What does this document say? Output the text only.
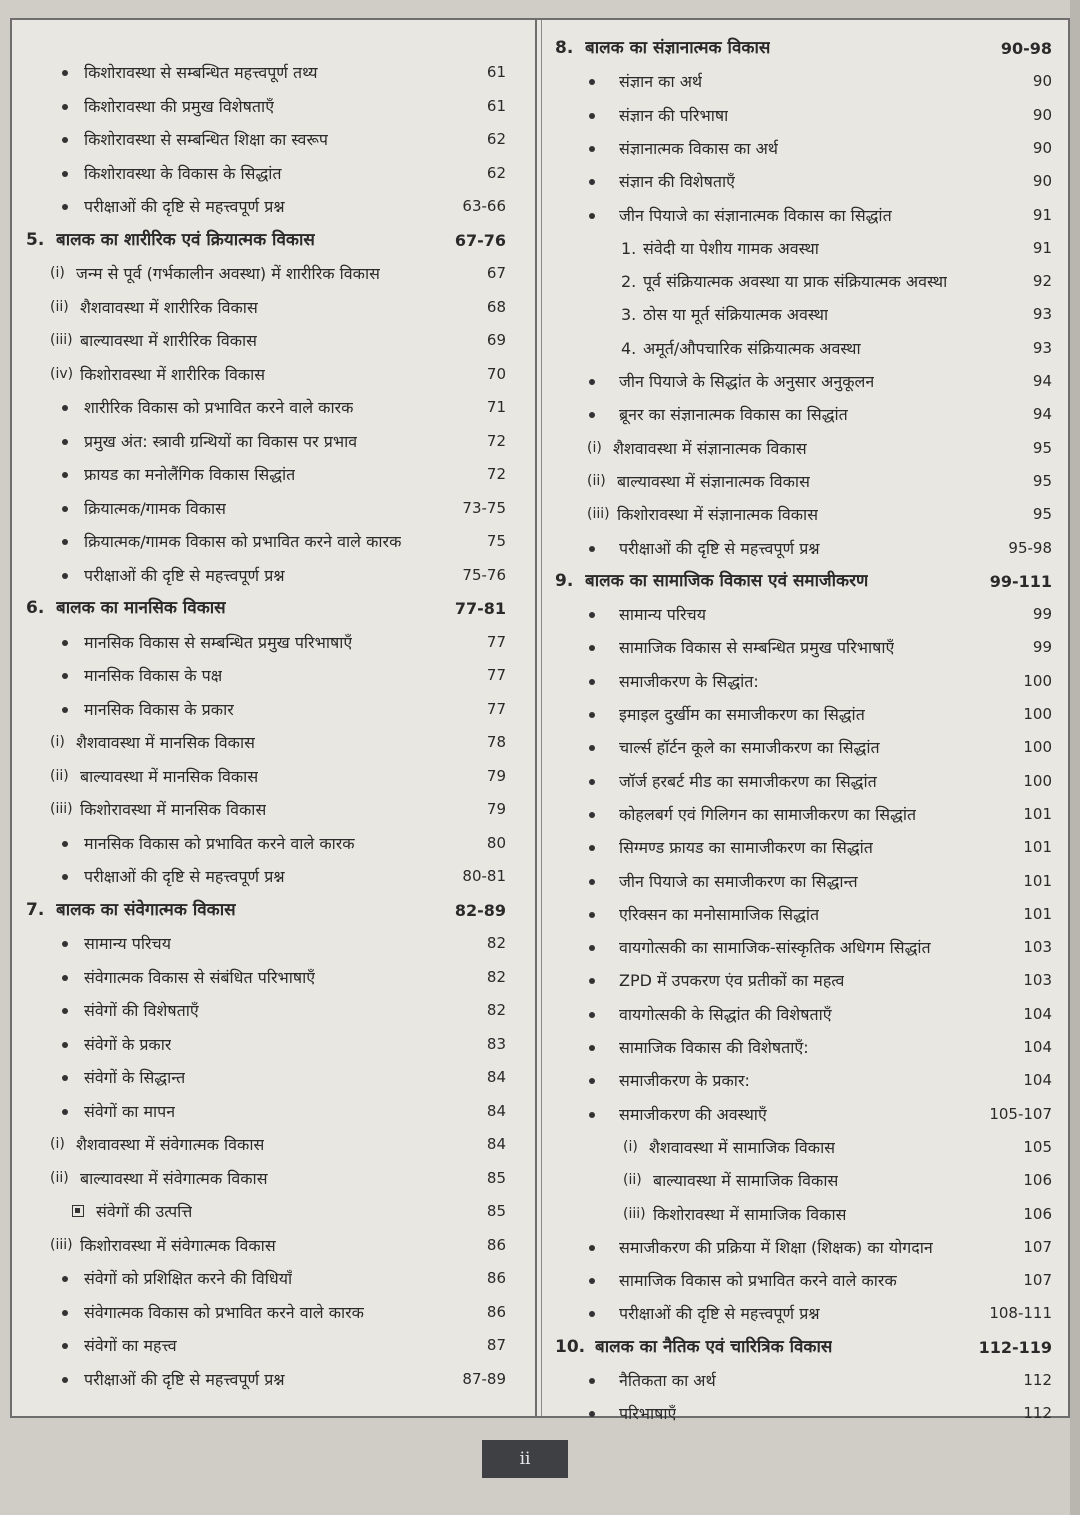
किशोरावस्था से सम्बन्धित महत्त्वपूर्ण तथ्य	61
किशोरावस्था की प्रमुख विशेषताएँ	61
किशोरावस्था से सम्बन्धित शिक्षा का स्वरूप	62
किशोरावस्था के विकास के सिद्धांत	62
परीक्षाओं की दृष्टि से महत्त्वपूर्ण प्रश्न	63-66
5. बालक का शारीरिक एवं क्रियात्मक विकास	67-76
(i) जन्म से पूर्व (गर्भकालीन अवस्था) में शारीरिक विकास	67
(ii) शैशवावस्था में शारीरिक विकास	68
(iii) बाल्यावस्था में शारीरिक विकास	69
(iv) किशोरावस्था में शारीरिक विकास	70
शारीरिक विकास को प्रभावित करने वाले कारक	71
प्रमुख अंत: स्त्रावी ग्रन्थियों का विकास पर प्रभाव	72
फ्रायड का मनोलैंगिक विकास सिद्धांत	72
क्रियात्मक/गामक विकास	73-75
क्रियात्मक/गामक विकास को प्रभावित करने वाले कारक	75
परीक्षाओं की दृष्टि से महत्त्वपूर्ण प्रश्न	75-76
6. बालक का मानसिक विकास	77-81
मानसिक विकास से सम्बन्धित प्रमुख परिभाषाएँ	77
मानसिक विकास के पक्ष	77
मानसिक विकास के प्रकार	77
(i) शैशवावस्था में मानसिक विकास	78
(ii) बाल्यावस्था में मानसिक विकास	79
(iii) किशोरावस्था में मानसिक विकास	79
मानसिक विकास को प्रभावित करने वाले कारक	80
परीक्षाओं की दृष्टि से महत्त्वपूर्ण प्रश्न	80-81
7. बालक का संवेगात्मक विकास	82-89
सामान्य परिचय	82
संवेगात्मक विकास से संबंधित परिभाषाएँ	82
संवेगों की विशेषताएँ	82
संवेगों के प्रकार	83
संवेगों के सिद्धान्त	84
संवेगों का मापन	84
(i) शैशवावस्था में संवेगात्मक विकास	84
(ii) बाल्यावस्था में संवेगात्मक विकास	85
संवेगों की उत्पत्ति	85
(iii) किशोरावस्था में संवेगात्मक विकास	86
संवेगों को प्रशिक्षित करने की विधियाँ	86
संवेगात्मक विकास को प्रभावित करने वाले कारक	86
संवेगों का महत्त्व	87
परीक्षाओं की दृष्टि से महत्त्वपूर्ण प्रश्न	87-89
8. बालक का संज्ञानात्मक विकास	90-98
संज्ञान का अर्थ	90
संज्ञान की परिभाषा	90
संज्ञानात्मक विकास का अर्थ	90
संज्ञान की विशेषताएँ	90
जीन पियाजे का संज्ञानात्मक विकास का सिद्धांत	91
1. संवेदी या पेशीय गामक अवस्था	91
2. पूर्व संक्रियात्मक अवस्था या प्राक संक्रियात्मक अवस्था	92
3. ठोस या मूर्त संक्रियात्मक अवस्था	93
4. अमूर्त/औपचारिक संक्रियात्मक अवस्था	93
जीन पियाजे के सिद्धांत के अनुसार अनुकूलन	94
ब्रूनर का संज्ञानात्मक विकास का सिद्धांत	94
(i) शैशवावस्था में संज्ञानात्मक विकास	95
(ii) बाल्यावस्था में संज्ञानात्मक विकास	95
(iii) किशोरावस्था में संज्ञानात्मक विकास	95
परीक्षाओं की दृष्टि से महत्त्वपूर्ण प्रश्न	95-98
9. बालक का सामाजिक विकास एवं समाजीकरण	99-111
सामान्य परिचय	99
सामाजिक विकास से सम्बन्धित प्रमुख परिभाषाएँ	99
समाजीकरण के सिद्धांत:	100
इमाइल दुर्खीम का समाजीकरण का सिद्धांत	100
चार्ल्स हॉर्टन कूले का समाजीकरण का सिद्धांत	100
जॉर्ज हरबर्ट मीड का समाजीकरण का सिद्धांत	100
कोहलबर्ग एवं गिलिगन का सामाजीकरण का सिद्धांत	101
सिग्मण्ड फ्रायड का सामाजीकरण का सिद्धांत	101
जीन पियाजे का समाजीकरण का सिद्धान्त	101
एरिक्सन का मनोसामाजिक सिद्धांत	101
वायगोत्सकी का सामाजिक-सांस्कृतिक अधिगम सिद्धांत	103
ZPD में उपकरण एंव प्रतीकों का महत्व	103
वायगोत्सकी के सिद्धांत की विशेषताएँ	104
सामाजिक विकास की विशेषताएँ:	104
समाजीकरण के प्रकार:	104
समाजीकरण की अवस्थाएँ	105-107
(i) शैशवावस्था में सामाजिक विकास	105
(ii) बाल्यावस्था में सामाजिक विकास	106
(iii) किशोरावस्था में सामाजिक विकास	106
समाजीकरण की प्रक्रिया में शिक्षा (शिक्षक) का योगदान	107
सामाजिक विकास को प्रभावित करने वाले कारक	107
परीक्षाओं की दृष्टि से महत्त्वपूर्ण प्रश्न	108-111
10. बालक का नैतिक एवं चारित्रिक विकास	112-119
नैतिकता का अर्थ	112
परिभाषाएँ	112
ii
